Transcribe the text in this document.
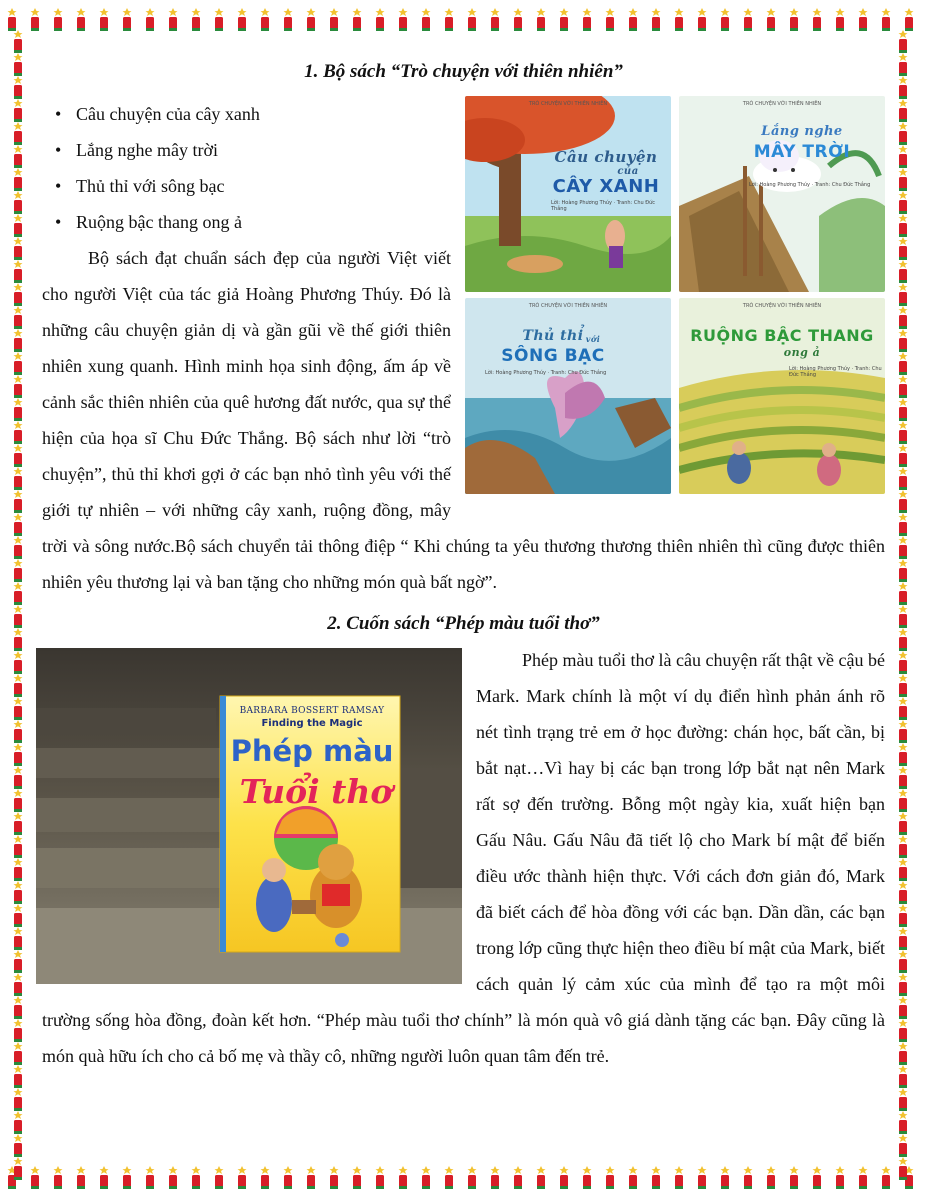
1. Bộ sách “Trò chuyện với thiên nhiên”
TRÒ CHUYỆN VỚI THIÊN NHIÊN
Câu chuyện
của
CÂY XANH
Lời: Hoàng Phương Thúy · Tranh: Chu Đức Thắng
TRÒ CHUYỆN VỚI THIÊN NHIÊN
Lắng nghe
MÂY TRỜI
Lời: Hoàng Phương Thúy · Tranh: Chu Đức Thắng
TRÒ CHUYỆN VỚI THIÊN NHIÊN
Thủ thỉ với
SÔNG BẠC
Lời: Hoàng Phương Thúy · Tranh: Chu Đức Thắng
TRÒ CHUYỆN VỚI THIÊN NHIÊN
RUỘNG BẬC THANG
ong ả
Lời: Hoàng Phương Thúy · Tranh: Chu Đức Thắng
• Câu chuyện của cây xanh
• Lắng nghe mây trời
• Thủ thỉ với sông bạc
• Ruộng bậc thang ong ả

Bộ sách đạt chuẩn sách đẹp của người Việt viết cho người Việt của tác giả Hoàng Phương Thúy. Đó là những câu chuyện giản dị và gần gũi về thế giới thiên nhiên xung quanh. Hình minh họa sinh động, ấm áp về cảnh sắc thiên nhiên của quê hương đất nước, qua sự thể hiện của họa sĩ Chu Đức Thắng. Bộ sách như lời “trò chuyện”, thủ thỉ khơi gợi ở các bạn nhỏ tình yêu với thế giới tự nhiên – với những cây xanh, ruộng đồng, mây trời và sông nước.Bộ sách chuyển tải thông điệp “ Khi chúng ta yêu thương thương thiên nhiên thì cũng được thiên nhiên yêu thương lại và ban tặng cho những món quà bất ngờ”.

2. Cuốn sách “Phép màu tuổi thơ”
BARBARA BOSSERT RAMSAY
Finding the Magic
Phép màu
Tuổi thơ

Phép màu tuổi thơ là câu chuyện rất thật về cậu bé Mark. Mark chính là một ví dụ điển hình phản ánh rõ nét tình trạng trẻ em ở học đường: chán học, bất cần, bị bắt nạt…Vì hay bị các bạn trong lớp bắt nạt nên Mark rất sợ đến trường. Bỗng một ngày kia, xuất hiện bạn Gấu Nâu. Gấu Nâu đã tiết lộ cho Mark bí mật để biến điều ước thành hiện thực. Với cách đơn giản đó, Mark đã biết cách để hòa đồng với các bạn. Dần dần, các bạn trong lớp cũng thực hiện theo điều bí mật của Mark, biết cách quản lý cảm xúc của mình để tạo ra một môi trường sống hòa đồng, đoàn kết hơn. “Phép màu tuổi thơ chính” là món quà vô giá dành tặng các bạn. Đây cũng là món quà hữu ích cho cả bố mẹ và thầy cô, những người luôn quan tâm đến trẻ.
